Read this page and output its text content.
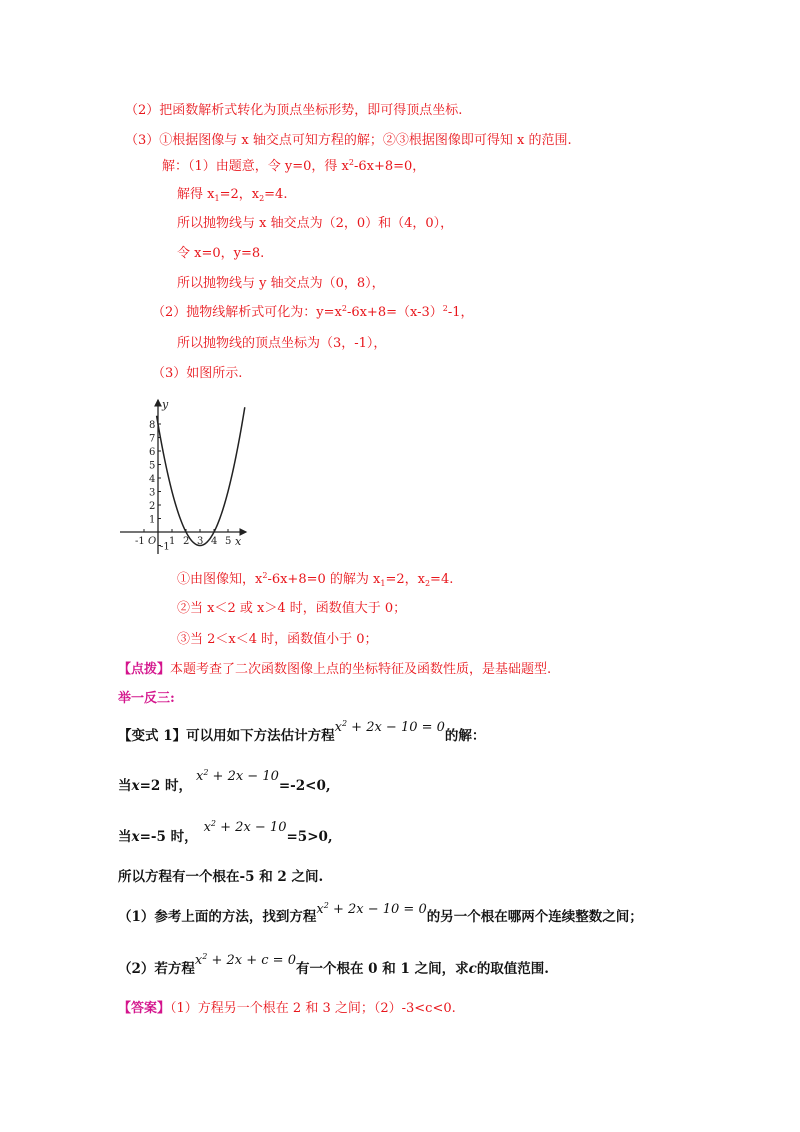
（2）把函数解析式转化为顶点坐标形势，即可得顶点坐标.
（3）①根据图像与 x 轴交点可知方程的解；②③根据图像即可得知 x 的范围.
解：（1）由题意，令 y=0，得 $x^2-6x+8=0$，
解得 $x_1=2$，$x_2=4$.
所以抛物线与 x 轴交点为（2，0）和（4，0），
令 x=0，y=8.
所以抛物线与 y 轴交点为（0，8），
（2）抛物线解析式可化为：$y=x^2-6x+8=(x-3)^2-1$，
所以抛物线的顶点坐标为（3，-1），
（3）如图所示.
1
2
3
4
5
6
7
8
-1
-1 O 1 2 3 4 5
y
x
①由图像知，$x^2-6x+8=0$ 的解为 $x_1=2$，$x_2=4$.
②当 x＜2 或 x＞4 时，函数值大于 0；
③当 2＜x＜4 时，函数值小于 0；
【点拨】本题考查了二次函数图像上点的坐标特征及函数性质，是基础题型.
举一反三:
【变式 1】可以用如下方法估计方程$x^2 + 2x - 10 = 0$的解：
当x=2 时，$x^2 + 2x - 10=-2<0$,
当x=-5 时，$x^2 + 2x - 10=5>0$,
所以方程有一个根在-5 和 2 之间.
（1）参考上面的方法，找到方程$x^2 + 2x - 10 = 0$的另一个根在哪两个连续整数之间；
（2）若方程$x^2 + 2x + c = 0$有一个根在 0 和 1 之间，求c的取值范围.
【答案】（1）方程另一个根在 2 和 3 之间；（2）-3<c<0.
